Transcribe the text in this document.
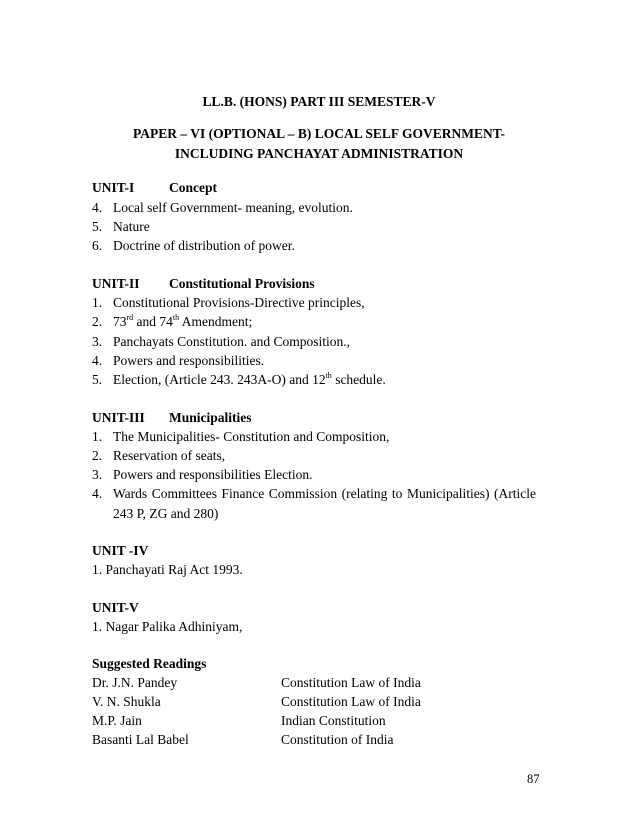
LL.B. (HONS) PART III SEMESTER-V
PAPER – VI (OPTIONAL – B) LOCAL SELF GOVERNMENT-
INCLUDING PANCHAYAT ADMINISTRATION
UNIT-I	Concept
4. Local self Government- meaning, evolution.
5. Nature
6. Doctrine of distribution of power.
UNIT-II Constitutional Provisions
1. Constitutional Provisions-Directive principles,
2. 73rd and 74th Amendment;
3. Panchayats Constitution. and Composition.,
4. Powers and responsibilities.
5. Election, (Article 243. 243A-O) and 12th schedule.
UNIT-III Municipalities
1. The Municipalities- Constitution and Composition,
2. Reservation of seats,
3. Powers and responsibilities Election.
4. Wards Committees Finance Commission (relating to Municipalities) (Article
243 P, ZG and 280)
UNIT -IV
1. Panchayati Raj Act 1993.
UNIT-V
1. Nagar Palika Adhiniyam,
Suggested Readings
Dr. J.N. Pandey	Constitution Law of India
V. N. Shukla	Constitution Law of India
M.P. Jain	Indian Constitution
Basanti Lal Babel	Constitution of India
87
